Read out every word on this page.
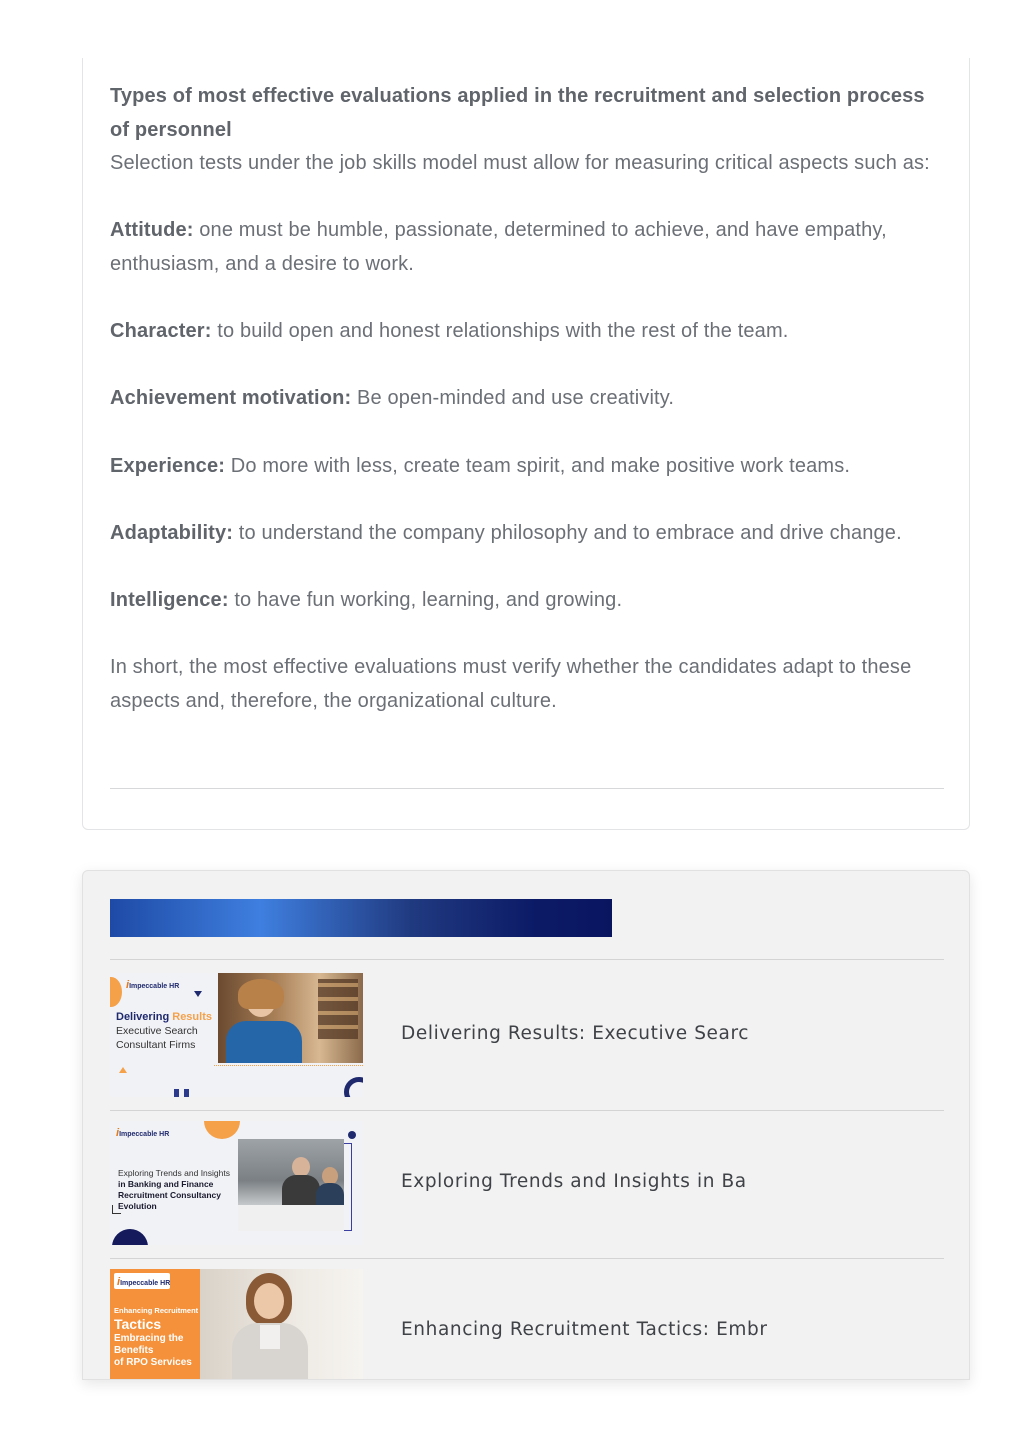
Types of most effective evaluations applied in the recruitment and selection process of personnel

Selection tests under the job skills model must allow for measuring critical aspects such as:

Attitude: one must be humble, passionate, determined to achieve, and have empathy, enthusiasm, and a desire to work.

Character: to build open and honest relationships with the rest of the team.

Achievement motivation: Be open-minded and use creativity.

Experience: Do more with less, create team spirit, and make positive work teams.

Adaptability: to understand the company philosophy and to embrace and drive change.

Intelligence: to have fun working, learning, and growing.

In short, the most effective evaluations must verify whether the candidates adapt to these aspects and, therefore, the organizational culture.

iImpeccable HR
Delivering Results
Executive Search
Consultant Firms
Delivering Results: Executive Searc
iImpeccable HR
Exploring Trends and Insights
in Banking and Finance
Recruitment Consultancy
Evolution
Exploring Trends and Insights in Ba
iImpeccable HR
Enhancing Recruitment
Tactics
Embracing the
Benefits
of RPO Services
Enhancing Recruitment Tactics: Embr
